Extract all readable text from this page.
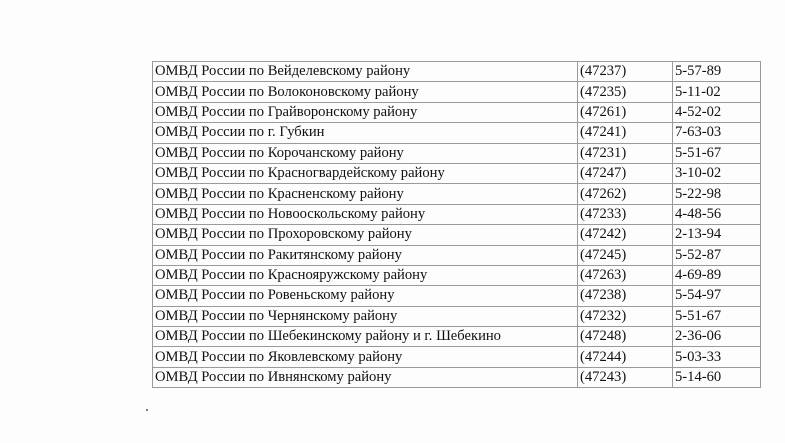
ОМВД России по Вейделевскому району	(47237)	5-57-89
ОМВД России по Волоконовскому району	(47235)	5-11-02
ОМВД России по Грайворонскому району	(47261)	4-52-02
ОМВД России по г. Губкин	(47241)	7-63-03
ОМВД России по Корочанскому району	(47231)	5-51-67
ОМВД России по Красногвардейскому району	(47247)	3-10-02
ОМВД России по Красненскому району	(47262)	5-22-98
ОМВД России по Новооскольскому району	(47233)	4-48-56
ОМВД России по Прохоровскому району	(47242)	2-13-94
ОМВД России по Ракитянскому району	(47245)	5-52-87
ОМВД России по Краснояружскому району	(47263)	4-69-89
ОМВД России по Ровеньскому району	(47238)	5-54-97
ОМВД России по Чернянскому району	(47232)	5-51-67
ОМВД России по Шебекинскому району и г. Шебекино	(47248)	2-36-06
ОМВД России по Яковлевскому району	(47244)	5-03-33
ОМВД России по Ивнянскому району	(47243)	5-14-60
